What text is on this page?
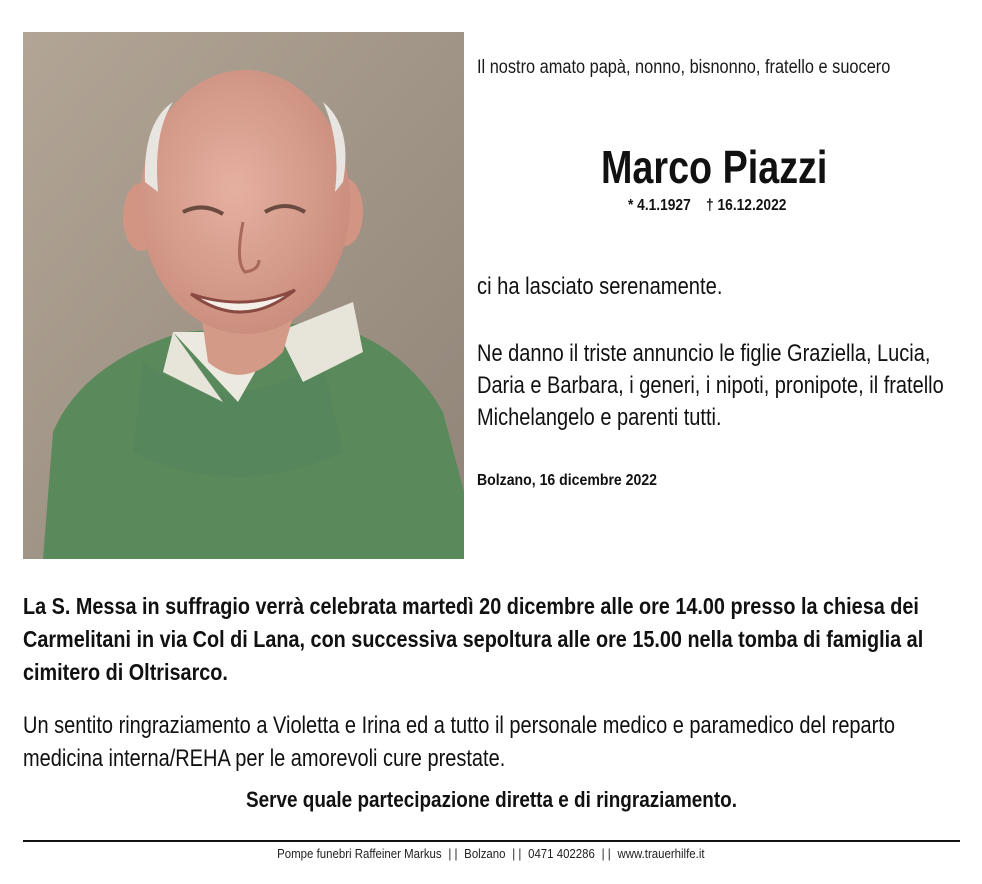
Il nostro amato papà, nonno, bisnonno, fratello e suocero
Marco Piazzi
* 4.1.1927 † 16.12.2022
ci ha lasciato serenamente.
Ne danno il triste annuncio le figlie Graziella, Lucia, Daria e Barbara, i generi, i nipoti, pronipote, il fratello Michelangelo e parenti tutti.
Bolzano, 16 dicembre 2022
La S. Messa in suffragio verrà celebrata martedì 20 dicembre alle ore 14.00 presso la chiesa dei Carmelitani in via Col di Lana, con successiva sepoltura alle ore 15.00 nella tomba di famiglia al cimitero di Oltrisarco.
Un sentito ringraziamento a Violetta e Irina ed a tutto il personale medico e paramedico del reparto medicina interna/REHA per le amorevoli cure prestate.
Serve quale partecipazione diretta e di ringraziamento.
Pompe funebri Raffeiner Markus | | Bolzano | | 0471 402286 | | www.trauerhilfe.it
